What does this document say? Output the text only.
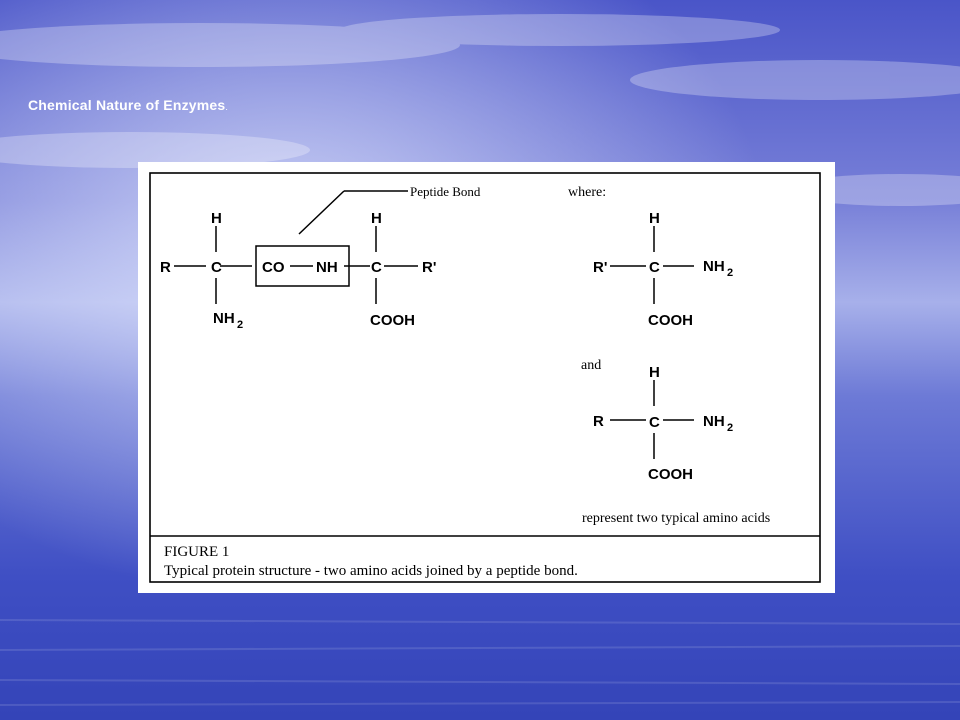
Chemical Nature of Enzymes.
R
H
C
NH 2
CO NH
H
C	R'
COOH
Peptide Bond	where:
R'
H
C	NH 2
COOH
and
R
H
C	NH 2
COOH
represent two typical amino acids
FIGURE 1
Typical protein structure - two amino acids joined by a peptide bond.
